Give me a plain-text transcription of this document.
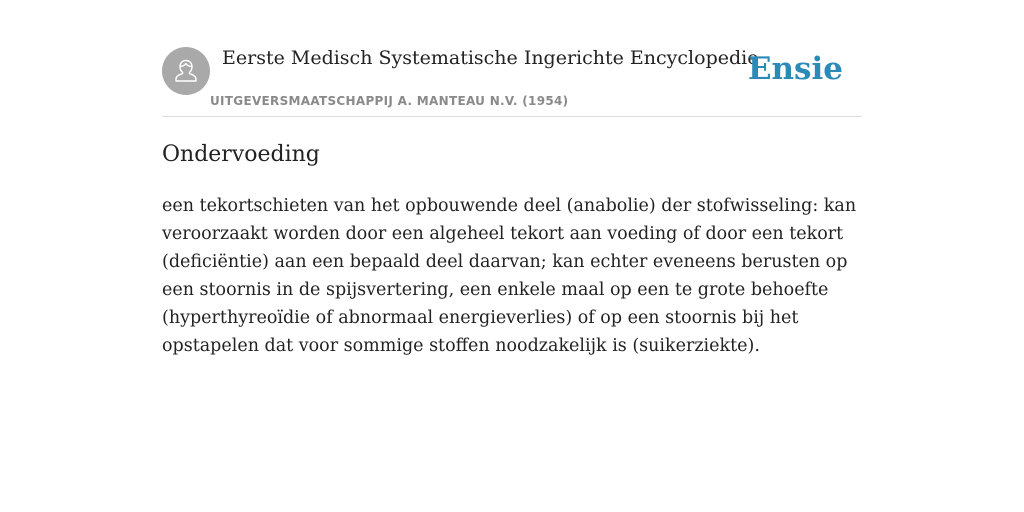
Eerste Medisch Systematische Ingerichte Encyclopedie
UITGEVERSMAATSCHAPPIJ A. MANTEAU N.V. (1954)
Ensie
Ondervoeding

een tekortschieten van het opbouwende deel (anabolie) der stofwisseling: kan veroorzaakt worden door een algeheel tekort aan voeding of door een tekort (deficiëntie) aan een bepaald deel daarvan; kan echter eveneens berusten op een stoornis in de spijsvertering, een enkele maal op een te grote behoefte (hyperthyreoïdie of abnormaal energieverlies) of op een stoornis bij het opstapelen dat voor sommige stoffen noodzakelijk is (suikerziekte).
